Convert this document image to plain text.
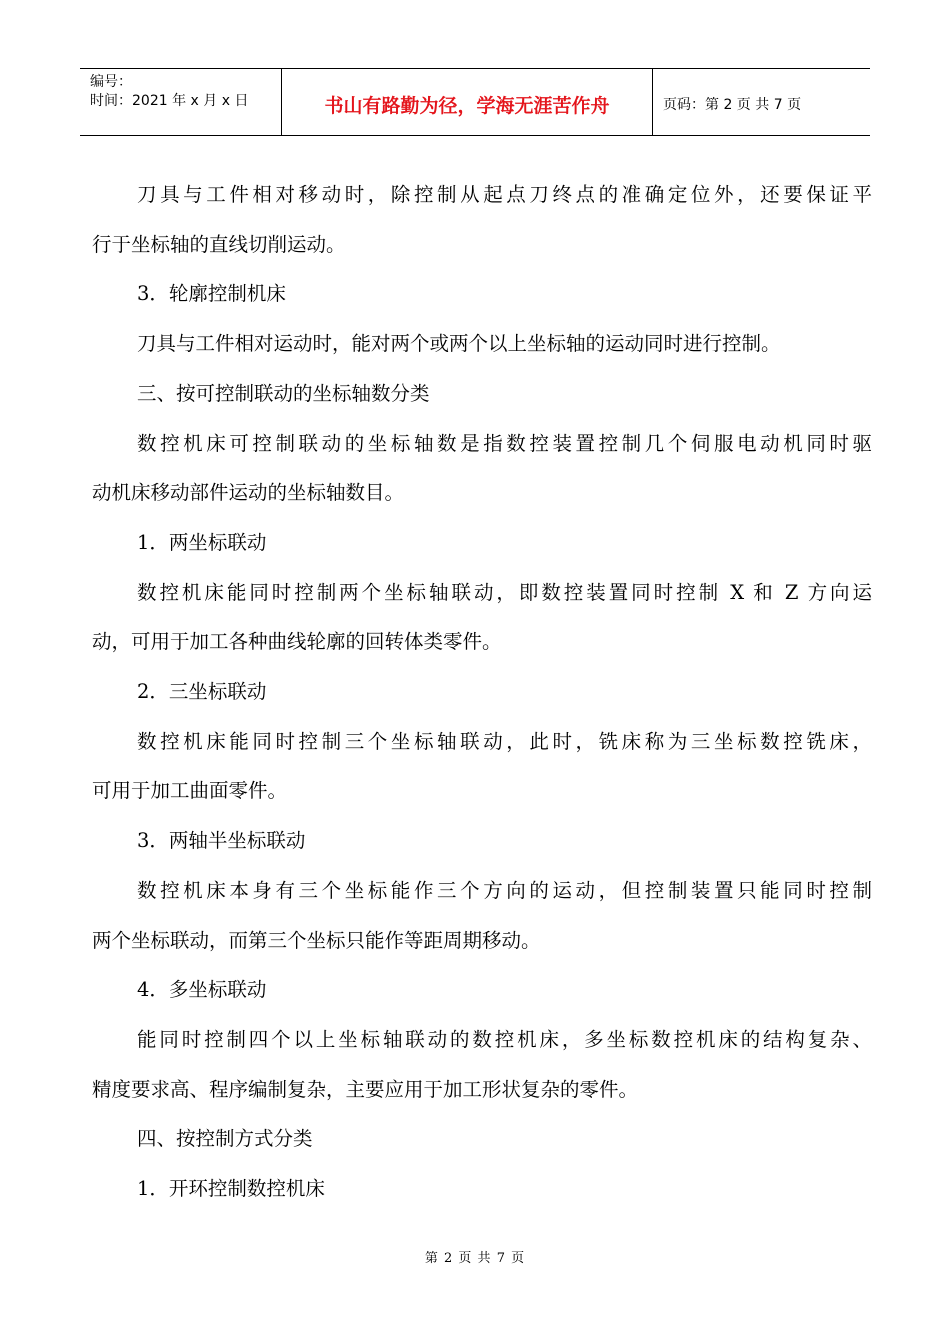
编号：
时间：2021 年 x 月 x 日	书山有路勤为径，学海无涯苦作舟	页码：第 2 页 共 7 页

刀具与工件相对移动时，除控制从起点刀终点的准确定位外，还要保证平

行于坐标轴的直线切削运动。

3．轮廓控制机床

刀具与工件相对运动时，能对两个或两个以上坐标轴的运动同时进行控制。

三、按可控制联动的坐标轴数分类

数控机床可控制联动的坐标轴数是指数控装置控制几个伺服电动机同时驱

动机床移动部件运动的坐标轴数目。

1．两坐标联动

数控机床能同时控制两个坐标轴联动，即数控装置同时控制 X 和 Z 方向运

动，可用于加工各种曲线轮廓的回转体类零件。

2．三坐标联动

数控机床能同时控制三个坐标轴联动，此时，铣床称为三坐标数控铣床，

可用于加工曲面零件。

3．两轴半坐标联动

数控机床本身有三个坐标能作三个方向的运动，但控制装置只能同时控制

两个坐标联动，而第三个坐标只能作等距周期移动。

4．多坐标联动

能同时控制四个以上坐标轴联动的数控机床，多坐标数控机床的结构复杂、

精度要求高、程序编制复杂，主要应用于加工形状复杂的零件。

四、按控制方式分类

1．开环控制数控机床

第 2 页 共 7 页
